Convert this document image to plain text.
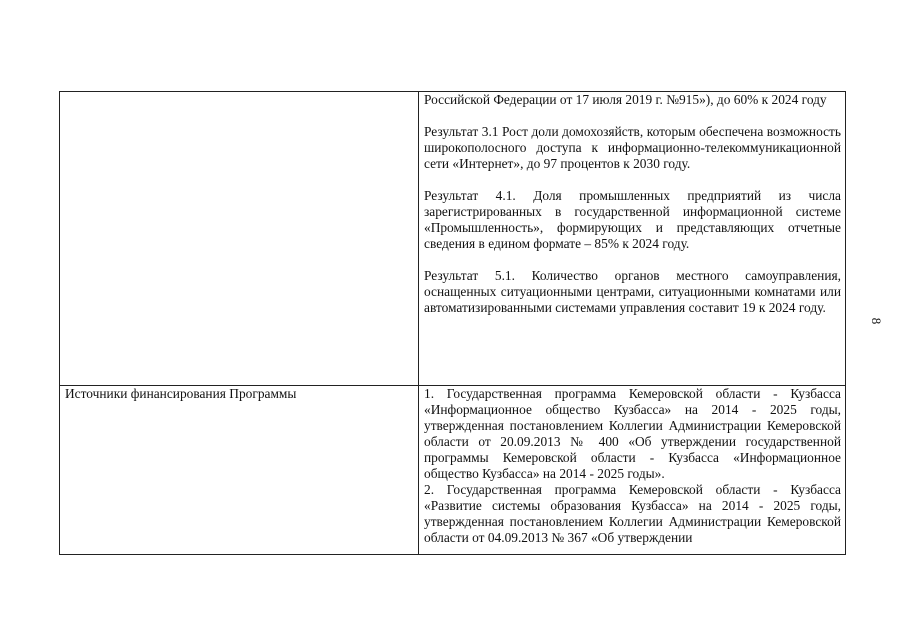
	Российской Федерации от 17 июля 2019 г. №915»), до 60% к 2024 году

Результат 3.1 Рост доли домохозяйств, которым обеспечена возможность широкополосного доступа к информационно-телекоммуникационной сети «Интернет», до 97 процентов к 2030 году.

Результат 4.1. Доля промышленных предприятий из числа зарегистрированных в государственной информационной системе «Промышленность», формирующих и представляющих отчетные сведения в едином формате – 85% к 2024 году.

Результат 5.1. Количество органов местного самоуправления, оснащенных ситуационными центрами, ситуационными комнатами или автоматизированными системами управления составит 19 к 2024 году.

Источники финансирования Программы	1. Государственная программа Кемеровской области - Кузбасса «Информационное общество Кузбасса» на 2014 - 2025 годы, утвержденная постановлением Коллегии Администрации Кемеровской области от 20.09.2013 № 400 «Об утверждении государственной программы Кемеровской области - Кузбасса «Информационное общество Кузбасса» на 2014 - 2025 годы».

2. Государственная программа Кемеровской области - Кузбасса «Развитие системы образования Кузбасса» на 2014 - 2025 годы, утвержденная постановлением Коллегии Администрации Кемеровской области от 04.09.2013 № 367 «Об утверждении

8
